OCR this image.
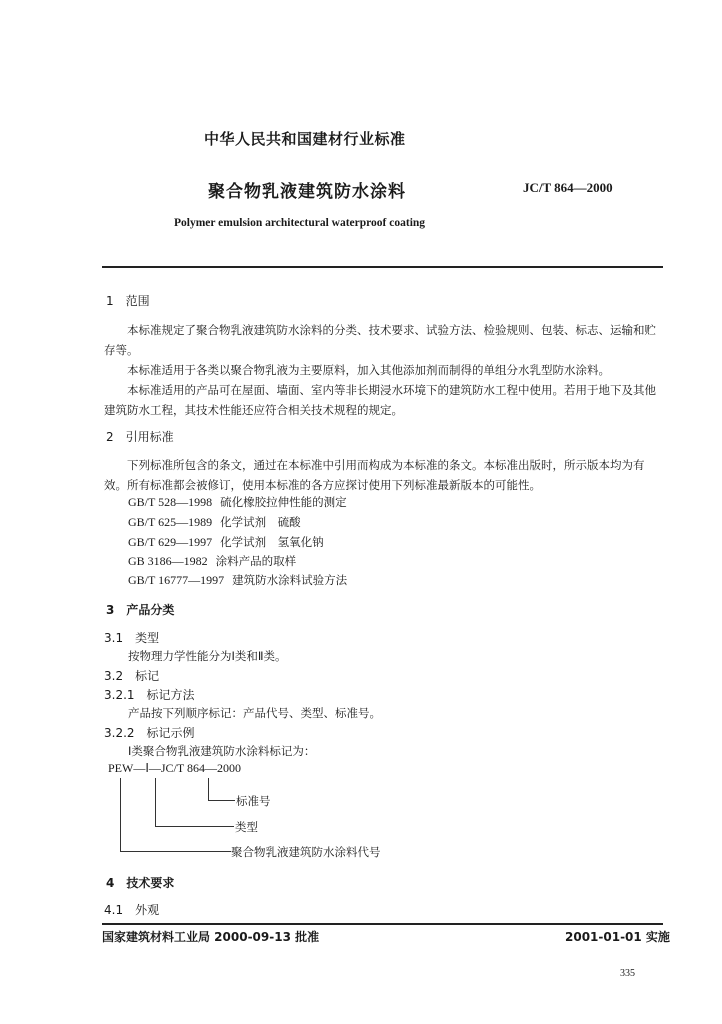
中华人民共和国建材行业标准
聚合物乳液建筑防水涂料	JC/T 864—2000
Polymer emulsion architectural waterproof coating
1　范围
本标准规定了聚合物乳液建筑防水涂料的分类、技术要求、试验方法、检验规则、包装、标志、运输和贮存等。
本标准适用于各类以聚合物乳液为主要原料，加入其他添加剂而制得的单组分水乳型防水涂料。
本标准适用的产品可在屋面、墙面、室内等非长期浸水环境下的建筑防水工程中使用。若用于地下及其他建筑防水工程，其技术性能还应符合相关技术规程的规定。
2　引用标准
下列标准所包含的条文，通过在本标准中引用而构成为本标准的条文。本标准出版时，所示版本均为有效。所有标准都会被修订，使用本标准的各方应探讨使用下列标准最新版本的可能性。
GB/T 528—1998 硫化橡胶拉伸性能的测定
GB/T 625—1989 化学试剂　硫酸
GB/T 629—1997 化学试剂　氢氧化钠
GB 3186—1982 涂料产品的取样
GB/T 16777—1997 建筑防水涂料试验方法
3　产品分类
3.1　类型
按物理力学性能分为Ⅰ类和Ⅱ类。
3.2　标记
3.2.1　标记方法
产品按下列顺序标记：产品代号、类型、标准号。
3.2.2　标记示例
Ⅰ类聚合物乳液建筑防水涂料标记为：
PEW—Ⅰ—JC/T 864—2000
标准号
类型
聚合物乳液建筑防水涂料代号
4　技术要求
4.1　外观
国家建筑材料工业局 2000-09-13 批准	2001-01-01 实施
335
